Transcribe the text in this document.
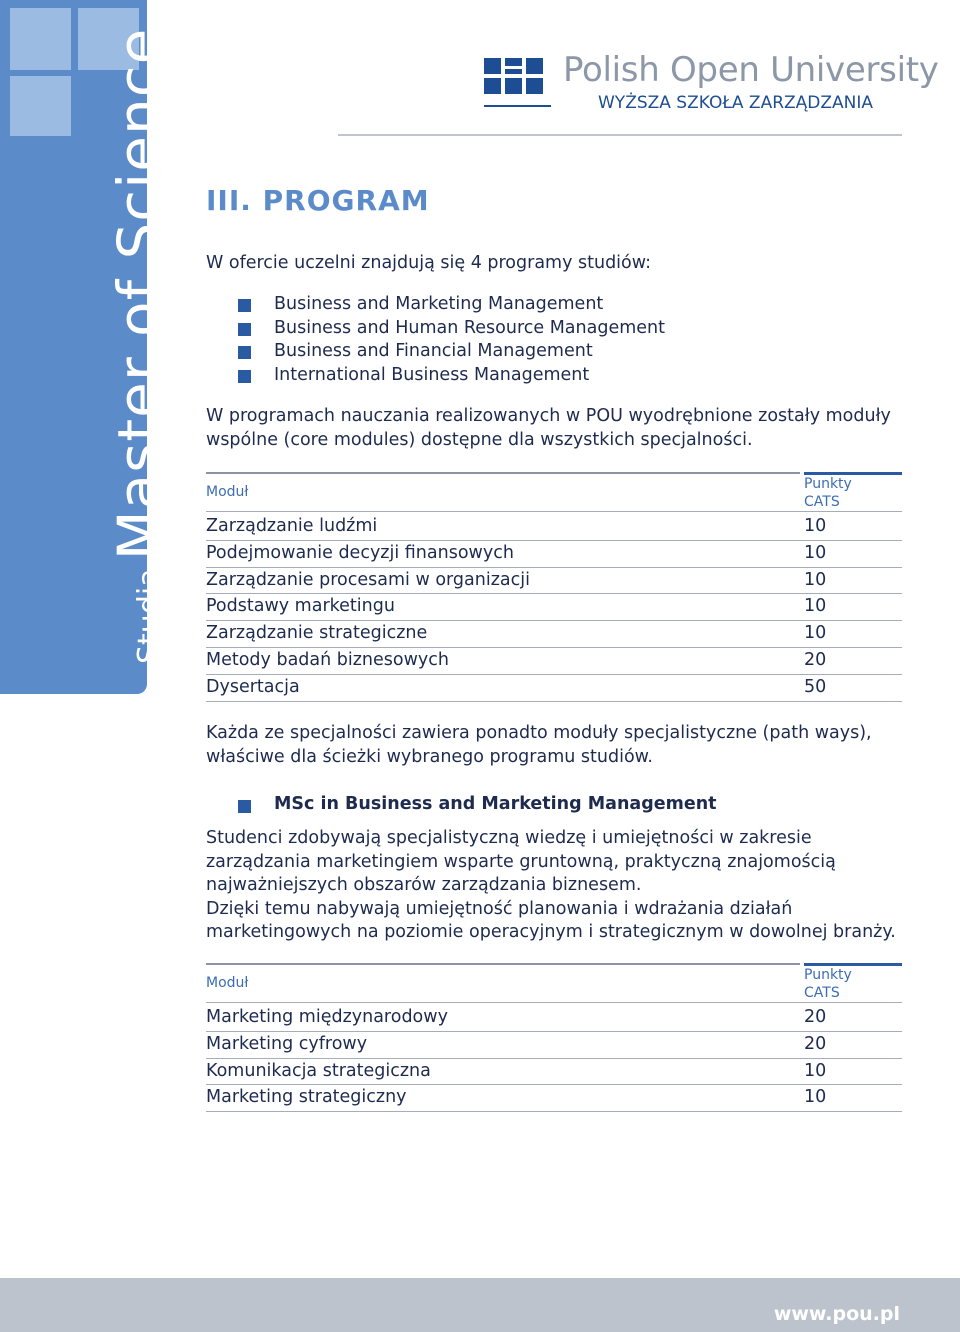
Studia
Master of Science	Polish Open University
WYŻSZA SZKOŁA ZARZĄDZANIA
III. PROGRAM
W ofercie uczelni znajdują się 4 programy studiów:
Business and Marketing Management
Business and Human Resource Management
Business and Financial Management
International Business Management
W programach nauczania realizowanych w POU wyodrębnione zostały moduły wspólne (core modules) dostępne dla wszystkich specjalności.
Moduł	Punkty
CATS
Zarządzanie ludźmi	10
Podejmowanie decyzji finansowych	10
Zarządzanie procesami w organizacji	10
Podstawy marketingu	10
Zarządzanie strategiczne	10
Metody badań biznesowych	20
Dysertacja	50
Każda ze specjalności zawiera ponadto moduły specjalistyczne (path ways), właściwe dla ścieżki wybranego programu studiów.
MSc in Business and Marketing Management
Studenci zdobywają specjalistyczną wiedzę i umiejętności w zakresie zarządzania marketingiem wsparte gruntowną, praktyczną znajomością najważniejszych obszarów zarządzania biznesem.
Dzięki temu nabywają umiejętność planowania i wdrażania działań marketingowych na poziomie operacyjnym i strategicznym w dowolnej branży.
Moduł	Punkty
CATS
Marketing międzynarodowy	20
Marketing cyfrowy	20
Komunikacja strategiczna	10
Marketing strategiczny	10
www.pou.pl
